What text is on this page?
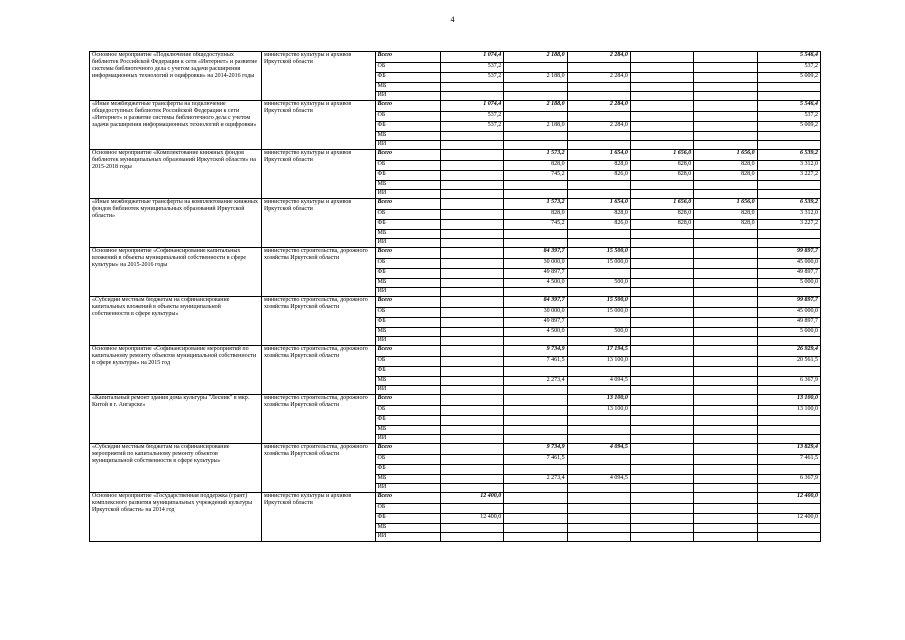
4
Основное мероприятие «Подключение общедоступных библиотек Российской Федерации к сети «Интернет» и развитие системы библиотечного дела с учетом задачи расширения информационных технологий и оцифровки» на 2014-2016 годы	министерство культуры и архивов Иркутской области	Всего	1 074,4	2 188,0	2 284,0			5 546,4
		ОБ	537,2					537,2
		ФБ	537,2	2 188,0	2 284,0			5 009,2
		МБ						
		ИИ						
«Иные межбюджетные трансферты на подключение общедоступных библиотек Российской Федерации к сети «Интернет» и развитие системы библиотечного дела с учетом задачи расширения информационных технологий и оцифровки»	министерство культуры и архивов Иркутской области	Всего	1 074,4	2 188,0	2 284,0			5 546,4
		ОБ	537,2					537,2
		ФБ	537,2	2 188,0	2 284,0			5 009,2
		МБ						
		ИИ						
Основное мероприятие «Комплектование книжных фондов библиотек муниципальных образований Иркутской области» на 2015-2018 годы	министерство культуры и архивов Иркутской области	Всего		1 573,2	1 654,0	1 656,0	1 656,0	6 539,2
		ОБ		828,0	828,0	828,0	828,0	3 312,0
		ФБ		745,2	826,0	828,0	828,0	3 227,2
		МБ						
		ИИ						
«Иные межбюджетные трансферты на комплектование книжных фондов библиотек муниципальных образований Иркутской области»	министерство культуры и архивов Иркутской области	Всего		1 573,2	1 654,0	1 656,0	1 656,0	6 539,2
		ОБ		828,0	828,0	828,0	828,0	3 312,0
		ФБ		745,2	826,0	828,0	828,0	3 227,2
		МБ						
		ИИ						
Основное мероприятие «Софинансирование капитальных вложений в объекты муниципальной собственности в сфере культуры» на 2015-2016 годы	министерство строительства, дорожного хозяйства Иркутской области	Всего		84 397,7	15 500,0			99 897,7
		ОБ		30 000,0	15 000,0			45 000,0
		ФБ		49 897,7				49 897,7
		МБ		4 500,0	500,0			5 000,0
		ИИ						
«Субсидии местным бюджетам на софинансирование капитальных вложений в объекты муниципальной собственности в сфере культуры»	министерство строительства, дорожного хозяйства Иркутской области	Всего		84 397,7	15 500,0			99 897,7
		ОБ		30 000,0	15 000,0			45 000,0
		ФБ		49 897,7				49 897,7
		МБ		4 500,0	500,0			5 000,0
		ИИ						
Основное мероприятие «Софинансирование мероприятий по капитальному ремонту объектов муниципальной собственности в сфере культуры» на 2015 год	министерство строительства, дорожного хозяйства Иркутской области	Всего		9 734,9	17 194,5			26 929,4
		ОБ		7 461,5	13 100,0			20 561,5
		ФБ						
		МБ		2 273,4	4 094,5			6 367,9
		ИИ						
«Капитальный ремонт здания дома культуры "Лесник" в мкр. Китой в г. Ангарске»	министерство строительства, дорожного хозяйства Иркутской области	Всего			13 100,0			13 100,0
		ОБ			13 100,0			13 100,0
		ФБ						
		МБ						
		ИИ						
«Субсидии местным бюджетам на софинансирование мероприятий по капитальному ремонту объектов муниципальной собственности в сфере культуры»	министерство строительства, дорожного хозяйства Иркутской области	Всего		9 734,9	4 094,5			13 829,4
		ОБ		7 461,5				7 461,5
		ФБ						
		МБ		2 273,4	4 094,5			6 367,9
		ИИ						
Основное мероприятие «Государственная поддержка (грант) комплексного развития муниципальных учреждений культуры Иркутской области» на 2014 год	министерство культуры и архивов Иркутской области	Всего	12 400,0					12 400,0
		ОБ						
		ФБ	12 400,0					12 400,0
		МБ						
		ИИ						
